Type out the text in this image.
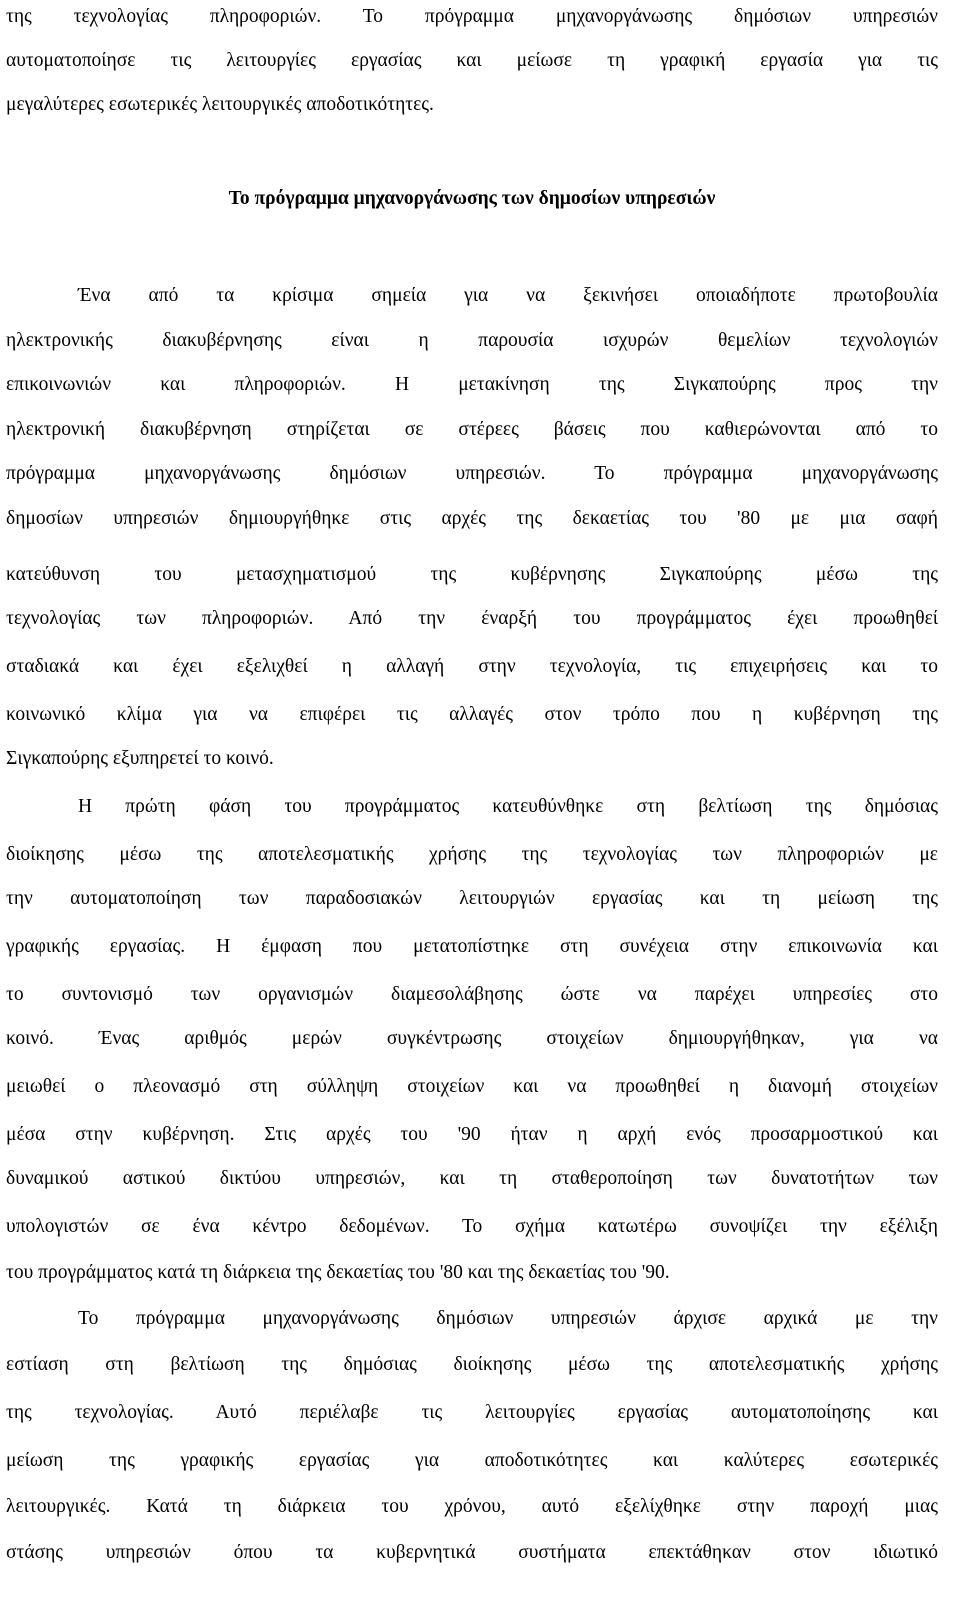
της τεχνολογίας πληροφοριών. Το πρόγραμμα μηχανοργάνωσης δημόσιων υπηρεσιών
αυτοματοποίησε τις λειτουργίες εργασίας και μείωσε τη γραφική εργασία για τις
μεγαλύτερες εσωτερικές λειτουργικές αποδοτικότητες.
Το πρόγραμμα μηχανοργάνωσης των δημοσίων υπηρεσιών
Ένα από τα κρίσιμα σημεία για να ξεκινήσει οποιαδήποτε πρωτοβουλία
ηλεκτρονικής διακυβέρνησης είναι η παρουσία ισχυρών θεμελίων τεχνολογιών
επικοινωνιών και πληροφοριών. Η μετακίνηση της Σιγκαπούρης προς την
ηλεκτρονική διακυβέρνηση στηρίζεται σε στέρεες βάσεις που καθιερώνονται από το
πρόγραμμα μηχανοργάνωσης δημόσιων υπηρεσιών. Το πρόγραμμα μηχανοργάνωσης
δημοσίων υπηρεσιών δημιουργήθηκε στις αρχές της δεκαετίας του '80 με μια σαφή
κατεύθυνση του μετασχηματισμού της κυβέρνησης Σιγκαπούρης μέσω της
τεχνολογίας των πληροφοριών. Από την έναρξή του προγράμματος έχει προωθηθεί
σταδιακά και έχει εξελιχθεί η αλλαγή στην τεχνολογία, τις επιχειρήσεις και το
κοινωνικό κλίμα για να επιφέρει τις αλλαγές στον τρόπο που η κυβέρνηση της
Σιγκαπούρης εξυπηρετεί το κοινό.
Η πρώτη φάση του προγράμματος κατευθύνθηκε στη βελτίωση της δημόσιας
διοίκησης μέσω της αποτελεσματικής χρήσης της τεχνολογίας των πληροφοριών με
την αυτοματοποίηση των παραδοσιακών λειτουργιών εργασίας και τη μείωση της
γραφικής εργασίας. Η έμφαση που μετατοπίστηκε στη συνέχεια στην επικοινωνία και
το συντονισμό των οργανισμών διαμεσολάβησης ώστε να παρέχει υπηρεσίες στο
κοινό. Ένας αριθμός μερών συγκέντρωσης στοιχείων δημιουργήθηκαν, για να
μειωθεί ο πλεονασμό στη σύλληψη στοιχείων και να προωθηθεί η διανομή στοιχείων
μέσα στην κυβέρνηση. Στις αρχές του '90 ήταν η αρχή ενός προσαρμοστικού και
δυναμικού αστικού δικτύου υπηρεσιών, και τη σταθεροποίηση των δυνατοτήτων των
υπολογιστών σε ένα κέντρο δεδομένων. Το σχήμα κατωτέρω συνοψίζει την εξέλιξη
του προγράμματος κατά τη διάρκεια της δεκαετίας του '80 και της δεκαετίας του '90.
Το πρόγραμμα μηχανοργάνωσης δημόσιων υπηρεσιών άρχισε αρχικά με την
εστίαση στη βελτίωση της δημόσιας διοίκησης μέσω της αποτελεσματικής χρήσης
της τεχνολογίας. Αυτό περιέλαβε τις λειτουργίες εργασίας αυτοματοποίησης και
μείωση της γραφικής εργασίας για αποδοτικότητες και καλύτερες εσωτερικές
λειτουργικές. Κατά τη διάρκεια του χρόνου, αυτό εξελίχθηκε στην παροχή μιας
στάσης υπηρεσιών όπου τα κυβερνητικά συστήματα επεκτάθηκαν στον ιδιωτικό
